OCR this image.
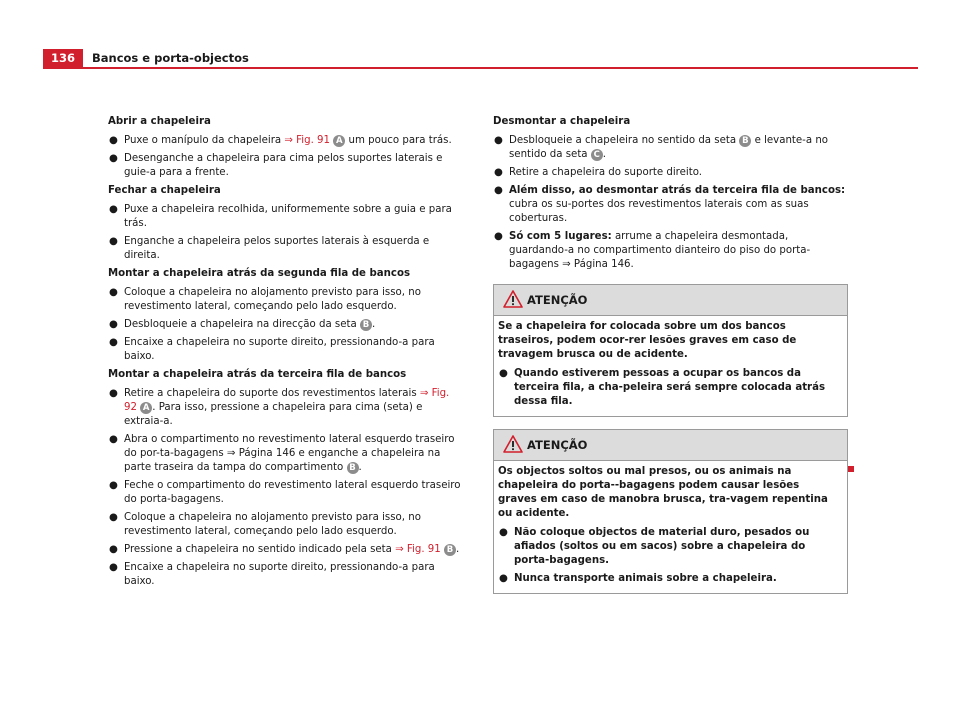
136	Bancos e porta-objectos

Abrir a chapeleira

● Puxe o manípulo da chapeleira ⇒ Fig. 91 A um pouco para trás.
● Desenganche a chapeleira para cima pelos suportes laterais e guie-a para a frente.

Fechar a chapeleira

● Puxe a chapeleira recolhida, uniformemente sobre a guia e para trás.
● Enganche a chapeleira pelos suportes laterais à esquerda e direita.

Montar a chapeleira atrás da segunda fila de bancos

● Coloque a chapeleira no alojamento previsto para isso, no revestimento lateral, começando pelo lado esquerdo.
● Desbloqueie a chapeleira na direcção da seta B .
● Encaixe a chapeleira no suporte direito, pressionando-a para baixo.

Montar a chapeleira atrás da terceira fila de bancos

● Retire a chapeleira do suporte dos revestimentos laterais ⇒ Fig. 92 A . Para isso, pressione a chapeleira para cima (seta) e extraia-a.
● Abra o compartimento no revestimento lateral esquerdo traseiro do por-ta-bagagens ⇒ Página 146 e enganche a chapeleira na parte traseira da tampa do compartimento B .
● Feche o compartimento do revestimento lateral esquerdo traseiro do porta-bagagens.
● Coloque a chapeleira no alojamento previsto para isso, no revestimento lateral, começando pelo lado esquerdo.
● Pressione a chapeleira no sentido indicado pela seta ⇒ Fig. 91 B .
● Encaixe a chapeleira no suporte direito, pressionando-a para baixo.

Desmontar a chapeleira

● Desbloqueie a chapeleira no sentido da seta B e levante-a no sentido da seta C .
● Retire a chapeleira do suporte direito.
● Além disso, ao desmontar atrás da terceira fila de bancos: cubra os su-portes dos revestimentos laterais com as suas coberturas.
● Só com 5 lugares: arrume a chapeleira desmontada, guardando-a no compartimento dianteiro do piso do porta-bagagens ⇒ Página 146.
ATENÇÃO

Se a chapeleira for colocada sobre um dos bancos traseiros, podem ocor-rer lesões graves em caso de travagem brusca ou de acidente.

● Quando estiverem pessoas a ocupar os bancos da terceira fila, a cha-peleira será sempre colocada atrás dessa fila.
ATENÇÃO

Os objectos soltos ou mal presos, ou os animais na chapeleira do porta--bagagens podem causar lesões graves em caso de manobra brusca, tra-vagem repentina ou acidente.

● Não coloque objectos de material duro, pesados ou afiados (soltos ou em sacos) sobre a chapeleira do porta-bagagens.
● Nunca transporte animais sobre a chapeleira.
